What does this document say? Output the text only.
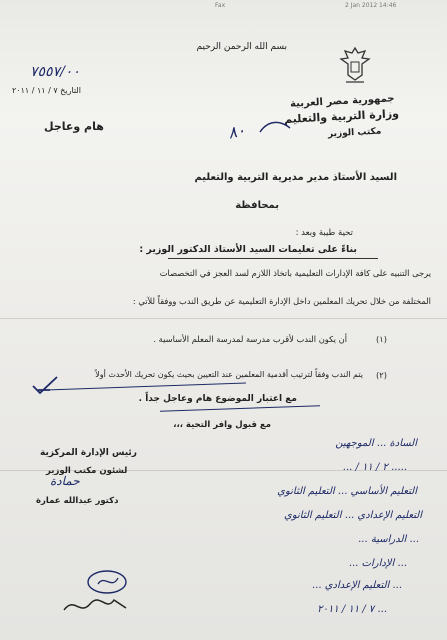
Fax	2 Jan 2012 14:46
بسم الله الرحمن الرحيم
جمهورية مصر العربية
وزارة التربية والتعليم
مكتب الوزير
٧٥٥٧/٠٠
التاريخ ٧ / ١١ / ٢٠١١
هام وعاجل	٨٠
السيد الأستاذ مدير مديرية التربية والتعليم
بمحافظة
تحية طيبة وبعد :
بناءً على تعليمات السيد الأستاذ الدكتور الوزير :
يرجى التنبيه على كافة الإدارات التعليمية باتخاذ اللازم لسد العجز في التخصصات
المختلفة من خلال تحريك المعلمين داخل الإدارة التعليمية عن طريق الندب ووفقاً للآتي :
(١)
أن يكون الندب لأقرب مدرسة لمدرسة المعلم الأساسية .
(٢)
يتم الندب وفقاً لترتيب أقدمية المعلمين عند التعيين بحيث يكون تحريك الأحدث أولاً
مع اعتبار الموضوع هام وعاجل جداً .
مع قبول وافر التحية ،،،
رئيس الإدارة المركزية
لشئون مكتب الوزير
حمادة
دكتور عبدالله عمارة
السادة ... الموجهين
..... ٢ / ١١ / ...
التعليم الأساسي ... التعليم الثانوي
التعليم الإعدادي ... التعليم الثانوي
... الدراسية ...
... الإدارات ...
... التعليم الإعدادي ...
... ٧ / ١١ / ٢٠١١
